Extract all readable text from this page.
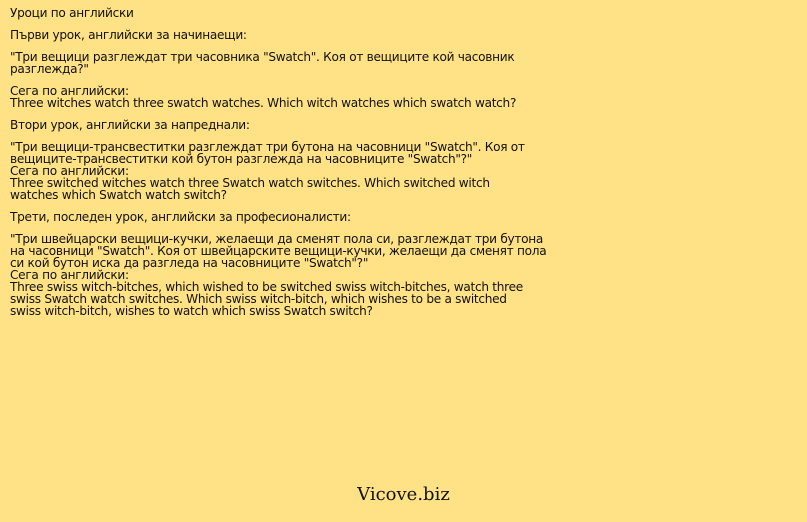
Уроци по английски
Първи урок, английски за начинаещи:
"Три вещици разглеждат три часовника "Swatch". Коя от вещиците кой часовник
разглежда?"
Сега по английски:
Three witches watch three swatch watches. Which witch watches which swatch watch?
Втори урок, английски за напреднали:
"Три вещици-трансвеститки разглеждат три бутона на часовници "Swatch". Коя от
вещиците-трансвеститки кой бутон разглежда на часовниците "Swatch"?"
Сега по английски:
Three switched witches watch three Swatch watch switches. Which switched witch
watches which Swatch watch switch?
Трети, последен урок, английски за професионалисти:
"Три швейцарски вещици-кучки, желаещи да сменят пола си, разглеждат три бутона
на часовници "Swatch". Коя от швейцарските вещици-кучки, желаещи да сменят пола
си кой бутон иска да разгледа на часовниците "Swatch"?"
Сега по английски:
Three swiss witch-bitches, which wished to be switched swiss witch-bitches, watch three
swiss Swatch watch switches. Which swiss witch-bitch, which wishes to be a switched
swiss witch-bitch, wishes to watch which swiss Swatch switch?
Vicove.biz
